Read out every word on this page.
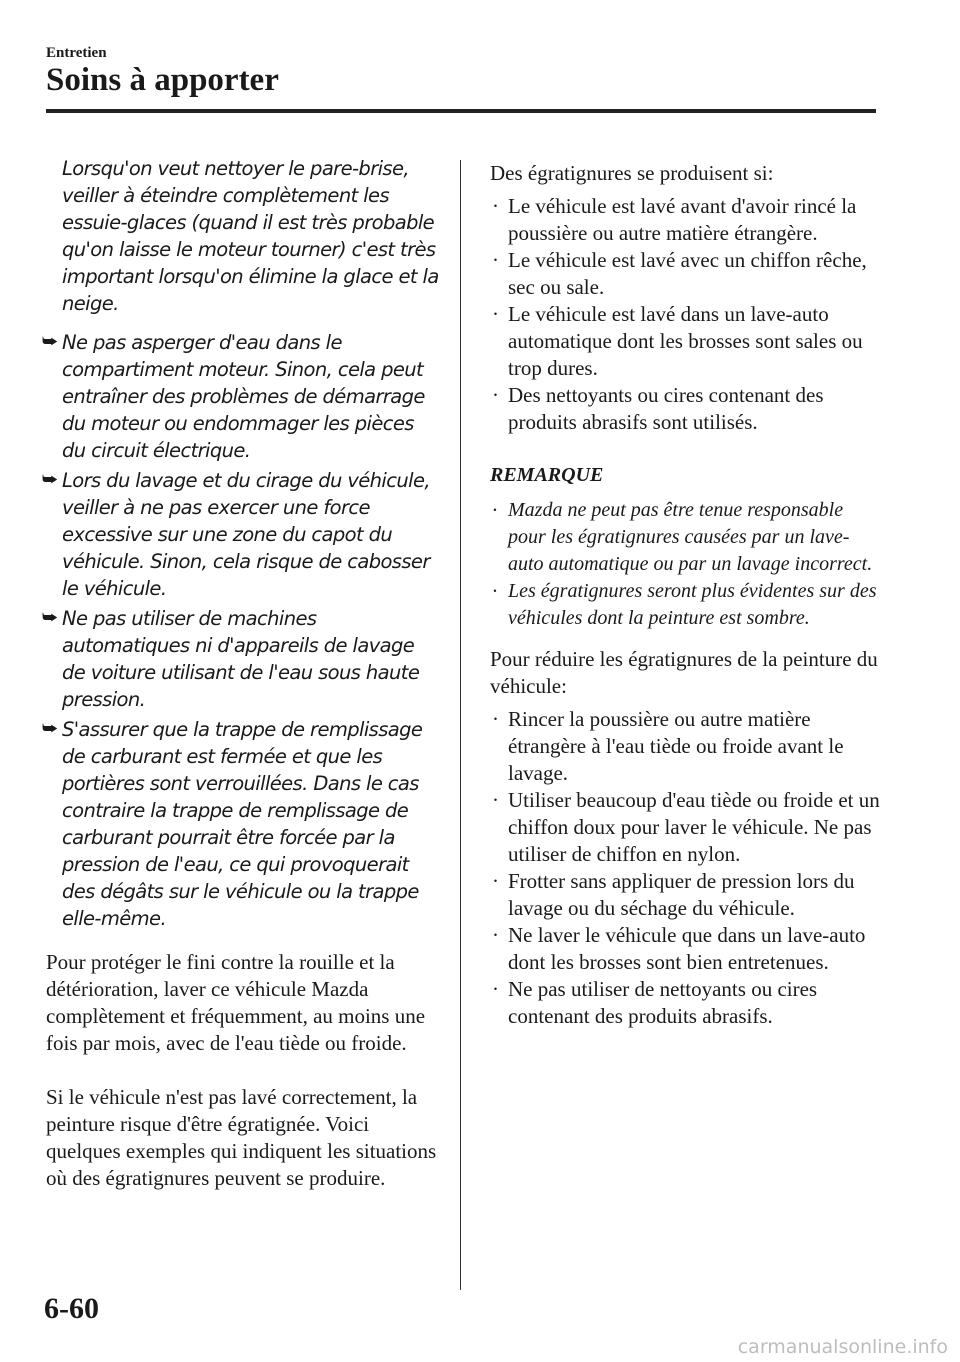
Entretien
Soins à apporter

Lorsqu'on veut nettoyer le pare-brise, veiller à éteindre complètement les essuie-glaces (quand il est très probable qu'on laisse le moteur tourner) c'est très important lorsqu'on élimine la glace et la neige.

⮩ Ne pas asperger d'eau dans le compartiment moteur. Sinon, cela peut entraîner des problèmes de démarrage du moteur ou endommager les pièces du circuit électrique.
⮩ Lors du lavage et du cirage du véhicule, veiller à ne pas exercer une force excessive sur une zone du capot du véhicule. Sinon, cela risque de cabosser le véhicule.
⮩ Ne pas utiliser de machines automatiques ni d'appareils de lavage de voiture utilisant de l'eau sous haute pression.
⮩ S'assurer que la trappe de remplissage de carburant est fermée et que les portières sont verrouillées. Dans le cas contraire la trappe de remplissage de carburant pourrait être forcée par la pression de l'eau, ce qui provoquerait des dégâts sur le véhicule ou la trappe elle-même.

Pour protéger le fini contre la rouille et la détérioration, laver ce véhicule Mazda complètement et fréquemment, au moins une fois par mois, avec de l'eau tiède ou froide.

Si le véhicule n'est pas lavé correctement, la peinture risque d'être égratignée. Voici quelques exemples qui indiquent les situations où des égratignures peuvent se produire.

Des égratignures se produisent si:

· Le véhicule est lavé avant d'avoir rincé la poussière ou autre matière étrangère.
· Le véhicule est lavé avec un chiffon rêche, sec ou sale.
· Le véhicule est lavé dans un lave-auto automatique dont les brosses sont sales ou trop dures.
· Des nettoyants ou cires contenant des produits abrasifs sont utilisés.
REMARQUE
· Mazda ne peut pas être tenue responsable pour les égratignures causées par un lave-auto automatique ou par un lavage incorrect.
· Les égratignures seront plus évidentes sur des véhicules dont la peinture est sombre.

Pour réduire les égratignures de la peinture du véhicule:

· Rincer la poussière ou autre matière étrangère à l'eau tiède ou froide avant le lavage.
· Utiliser beaucoup d'eau tiède ou froide et un chiffon doux pour laver le véhicule. Ne pas utiliser de chiffon en nylon.
· Frotter sans appliquer de pression lors du lavage ou du séchage du véhicule.
· Ne laver le véhicule que dans un lave-auto dont les brosses sont bien entretenues.
· Ne pas utiliser de nettoyants ou cires contenant des produits abrasifs.
6-60
carmanualsonline.info
